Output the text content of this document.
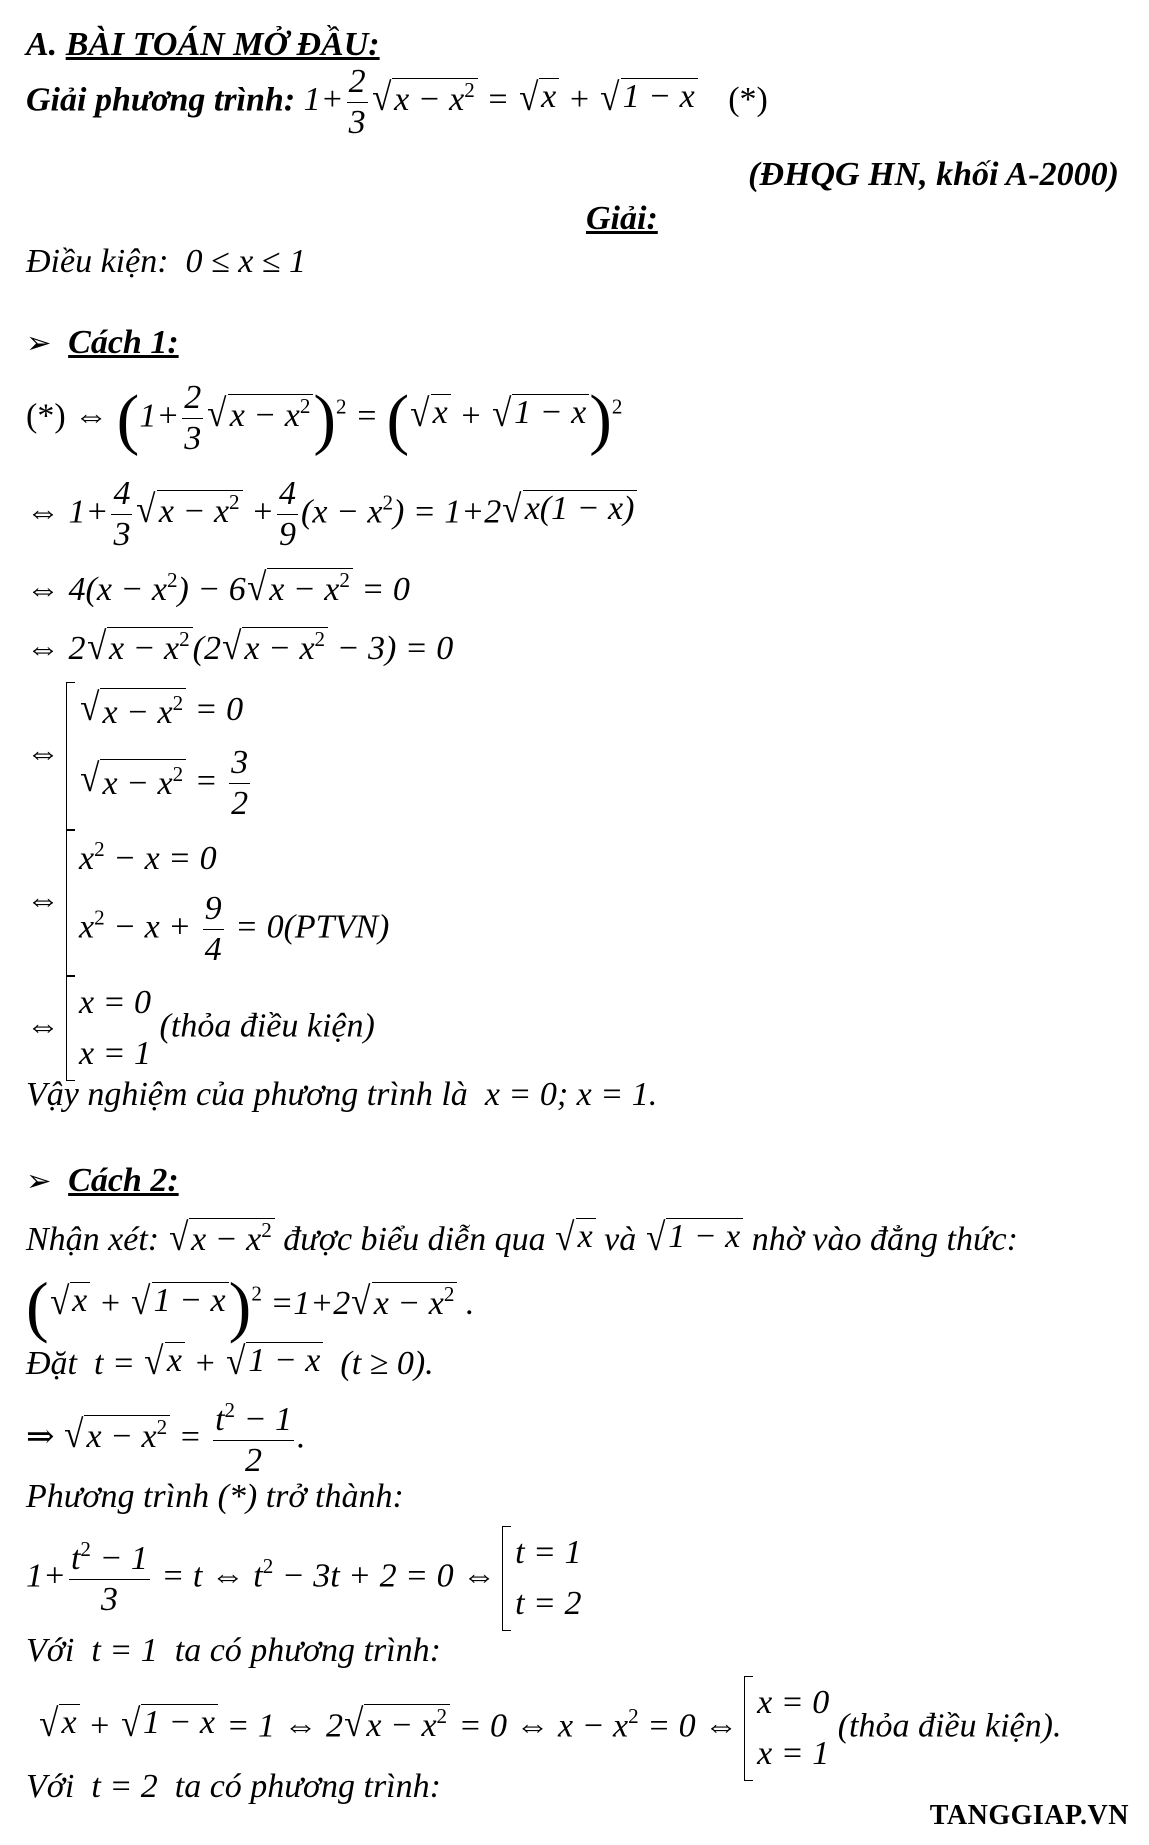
A. BÀI TOÁN MỞ ĐẦU:
Giải phương trình: $1+ \frac{2}{3}$ √ $x - x^2$ = √ x + √ 1 − x (*)
(ĐHQG HN, khối A-2000)
Giải:
Điều kiện:  0 ≤ x ≤ 1
➢ Cách 1:
(*) ⇔ ($1+ \frac{2}{3}$ √ $x - x^2$ )$^2$ = ( √ x + √ 1 − x )$^2$
⇔ $1+ \frac{4}{3}$ √ $x - x^2 + \frac{4}{9} (x - x^2) = 1+2$ √ x(1 − x)
⇔ $4(x - x^2) - 6$ √ $x - x^2 = 0$
⇔ 2 √ $x - x^2$ (2 √ $x - x^2 - 3) = 0$
⇔
√ $x - x^2 = 0$
√ $x - x^2 = \frac{3}{2}$
⇔
$x^2 - x = 0$
$x^2 - x + \frac{9}{4}$ = 0(PTVN)
⇔
x = 0
x = 1
(thỏa điều kiện)
Vậy nghiệm của phương trình là  x = 0; x = 1.
➢ Cách 2:
Nhận xét: √ $x - x^2$ được biểu diễn qua √ x và √ 1 − x nhờ vào đẳng thức:
( √ x + √ 1 − x )$^2$ =1+2 √ $x - x^2$ .
Đặt  t = √ x + √ 1 − x (t ≥ 0).
⇒ √ $x - x^2 = \frac{t^2 - 1}{2}$ .
Phương trình (*) trở thành:
$1+ \frac{t^2 - 1}{3} = t$ ⇔ $t^2 - 3t + 2 = 0$ ⇔
t = 1
t = 2
Với  t = 1  ta có phương trình:
√ x + √ 1 − x = 1 ⇔ 2 √ $x - x^2 = 0$ ⇔ $x - x^2 = 0$ ⇔
x = 0
x = 1
(thỏa điều kiện).
Với  t = 2  ta có phương trình:
TANGGIAP.VN
